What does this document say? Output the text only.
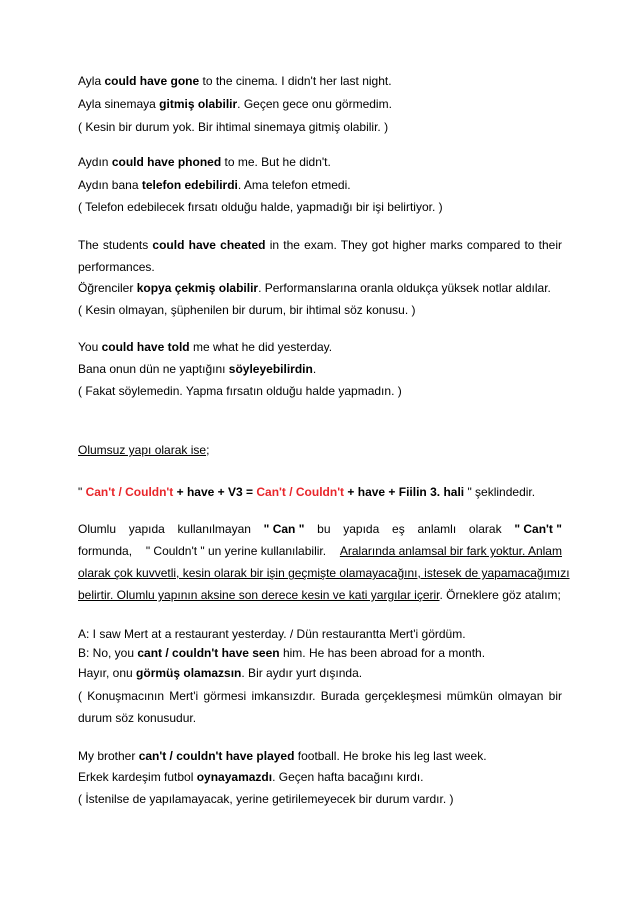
Ayla could have gone to the cinema. I didn't her last night.
Ayla sinemaya gitmiş olabilir. Geçen gece onu görmedim.
( Kesin bir durum yok. Bir ihtimal sinemaya gitmiş olabilir. )
Aydın could have phoned to me. But he didn't.
Aydın bana telefon edebilirdi. Ama telefon etmedi.
( Telefon edebilecek fırsatı olduğu halde, yapmadığı bir işi belirtiyor. )
The students could have cheated in the exam. They got higher marks compared to their
performances.
Öğrenciler kopya çekmiş olabilir. Performanslarına oranla oldukça yüksek notlar aldılar.
( Kesin olmayan, şüphenilen bir durum, bir ihtimal söz konusu. )
You could have told me what he did yesterday.
Bana onun dün ne yaptığını söyleyebilirdin.
( Fakat söylemedin. Yapma fırsatın olduğu halde yapmadın. )
Olumsuz yapı olarak ise;
" Can't / Couldn't + have + V3 = Can't / Couldn't + have + Fiilin 3. hali " şeklindedir.
Olumlu yapıda kullanılmayan " Can " bu yapıda eş anlamlı olarak " Can't "
formunda, " Couldn't " un yerine kullanılabilir. Aralarında anlamsal bir fark yoktur. Anlam
olarak çok kuvvetli, kesin olarak bir işin geçmişte olamayacağını, istesek de yapamacağımızı
belirtir. Olumlu yapının aksine son derece kesin ve kati yargılar içerir. Örneklere göz atalım;
A: I saw Mert at a restaurant yesterday. / Dün restaurantta Mert'i gördüm.
B: No, you cant / couldn't have seen him. He has been abroad for a month.
Hayır, onu görmüş olamazsın. Bir aydır yurt dışında.
( Konuşmacının Mert'i görmesi imkansızdır. Burada gerçekleşmesi mümkün olmayan bir
durum söz konusudur.
My brother can't / couldn't have played football. He broke his leg last week.
Erkek kardeşim futbol oynayamazdı. Geçen hafta bacağını kırdı.
( İstenilse de yapılamayacak, yerine getirilemeyecek bir durum vardır. )
